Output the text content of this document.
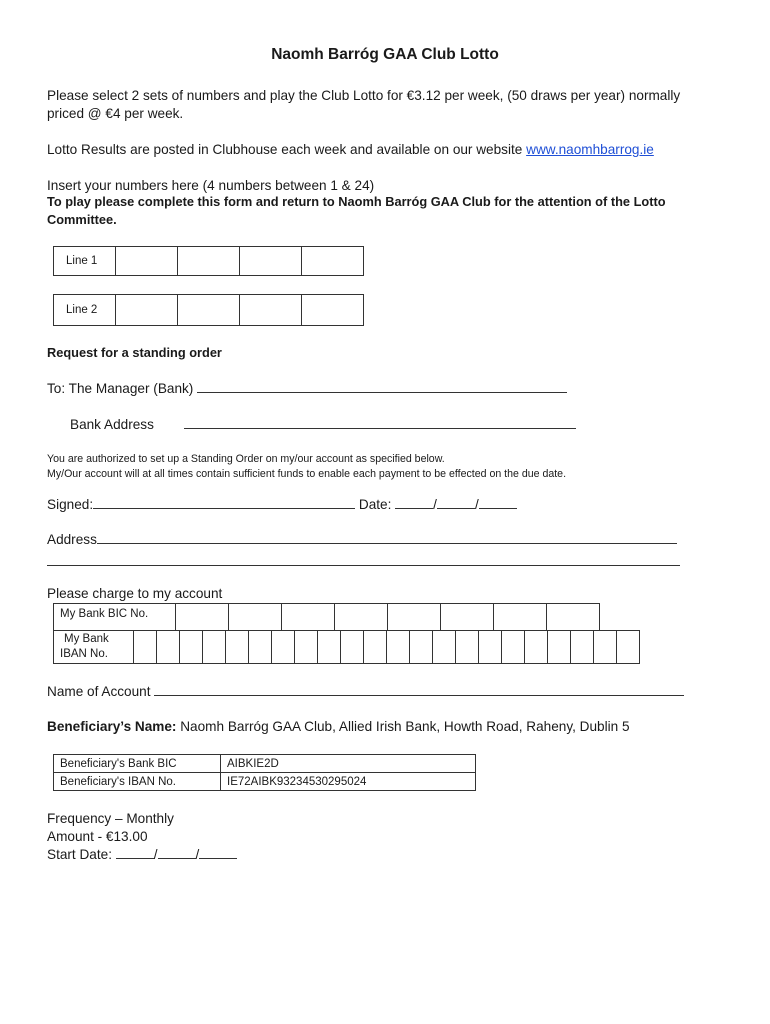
Naomh Barróg GAA Club Lotto
Please select 2 sets of numbers and play the Club Lotto for €3.12 per week, (50 draws per year) normally
priced @ €4 per week.
Lotto Results are posted in Clubhouse each week and available on our website www.naomhbarrog.ie
Insert your numbers here (4 numbers between 1 & 24)
To play please complete this form and return to Naomh Barróg GAA Club for the attention of the Lotto
Committee.
Line 1				
Line 2				
Request for a standing order
To: The Manager (Bank)
Bank Address
You are authorized to set up a Standing Order on my/our account as specified below.
My/Our account will at all times contain sufficient funds to enable each payment to be effected on the due date.
Signed:	Date:	/	/
Address
Please charge to my account
My Bank BIC No.								
My Bank
IBAN No.

Name of Account
Beneficiary’s Name: Naomh Barróg GAA Club, Allied Irish Bank, Howth Road, Raheny, Dublin 5
Beneficiary's Bank BIC	AIBKIE2D
Beneficiary's IBAN No.	IE72AIBK93234530295024
Frequency – Monthly
Amount - €13.00
Start Date:	/	/
